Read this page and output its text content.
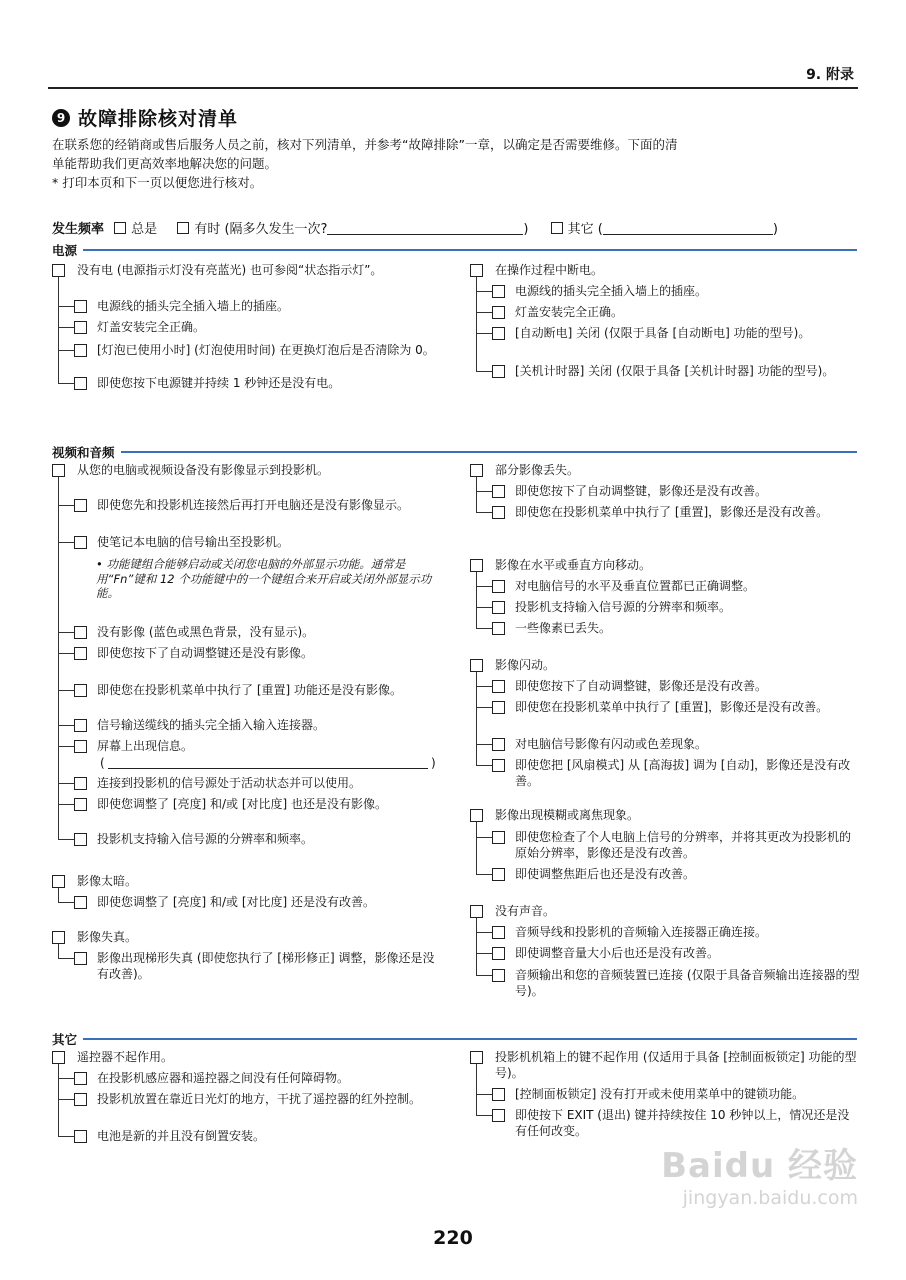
9. 附录
9 故障排除核对清单

在联系您的经销商或售后服务人员之前，核对下列清单，并参考“故障排除”一章，以确定是否需要维修。下面的清

单能帮助我们更高效率地解决您的问题。

* 打印本页和下一页以便您进行核对。

发生频率 总是	有时 (隔多久发生一次?	)	其它 (	)
电源
视频和音频
其它
没有电 (电源指示灯没有亮蓝光) 也可参阅“状态指示灯”。
电源线的插头完全插入墙上的插座。
灯盖安装完全正确。
[灯泡已使用小时] (灯泡使用时间) 在更换灯泡后是否清除为 0。
即使您按下电源键并持续 1 秒钟还是没有电。
在操作过程中断电。
电源线的插头完全插入墙上的插座。
灯盖安装完全正确。
[自动断电] 关闭 (仅限于具备 [自动断电] 功能的型号)。
[关机计时器] 关闭 (仅限于具备 [关机计时器] 功能的型号)。
从您的电脑或视频设备没有影像显示到投影机。
即使您先和投影机连接然后再打开电脑还是没有影像显示。
使笔记本电脑的信号输出至投影机。
• 功能键组合能够启动或关闭您电脑的外部显示功能。通常是用“Fn”键和 12 个功能键中的一个键组合来开启或关闭外部显示功能。
没有影像 (蓝色或黑色背景，没有显示)。
即使您按下了自动调整键还是没有影像。
即使您在投影机菜单中执行了 [重置] 功能还是没有影像。
信号输送缆线的插头完全插入输入连接器。
屏幕上出现信息。
(	)
连接到投影机的信号源处于活动状态并可以使用。
即使您调整了 [亮度] 和/或 [对比度] 也还是没有影像。
投影机支持输入信号源的分辨率和频率。
影像太暗。
即使您调整了 [亮度] 和/或 [对比度] 还是没有改善。
影像失真。
影像出现梯形失真 (即使您执行了 [梯形修正] 调整，影像还是没有改善)。
部分影像丢失。
即使您按下了自动调整键，影像还是没有改善。
即使您在投影机菜单中执行了 [重置]，影像还是没有改善。
影像在水平或垂直方向移动。
对电脑信号的水平及垂直位置都已正确调整。
投影机支持输入信号源的分辨率和频率。
一些像素已丢失。
影像闪动。
即使您按下了自动调整键，影像还是没有改善。
即使您在投影机菜单中执行了 [重置]，影像还是没有改善。
对电脑信号影像有闪动或色差现象。
即使您把 [风扇模式] 从 [高海拔] 调为 [自动]，影像还是没有改善。
影像出现模糊或离焦现象。
即使您检查了个人电脑上信号的分辨率，并将其更改为投影机的原始分辨率，影像还是没有改善。
即使调整焦距后也还是没有改善。
没有声音。
音频导线和投影机的音频输入连接器正确连接。
即使调整音量大小后也还是没有改善。
音频输出和您的音频装置已连接 (仅限于具备音频输出连接器的型号)。
遥控器不起作用。
在投影机感应器和遥控器之间没有任何障碍物。
投影机放置在靠近日光灯的地方，干扰了遥控器的红外控制。
电池是新的并且没有倒置安装。
投影机机箱上的键不起作用 (仅适用于具备 [控制面板锁定] 功能的型号)。
[控制面板锁定] 没有打开或未使用菜单中的键锁功能。
即使按下 EXIT (退出) 键并持续按住 10 秒钟以上，情况还是没有任何改变。
Baidu 经验
jingyan.baidu.com
220
